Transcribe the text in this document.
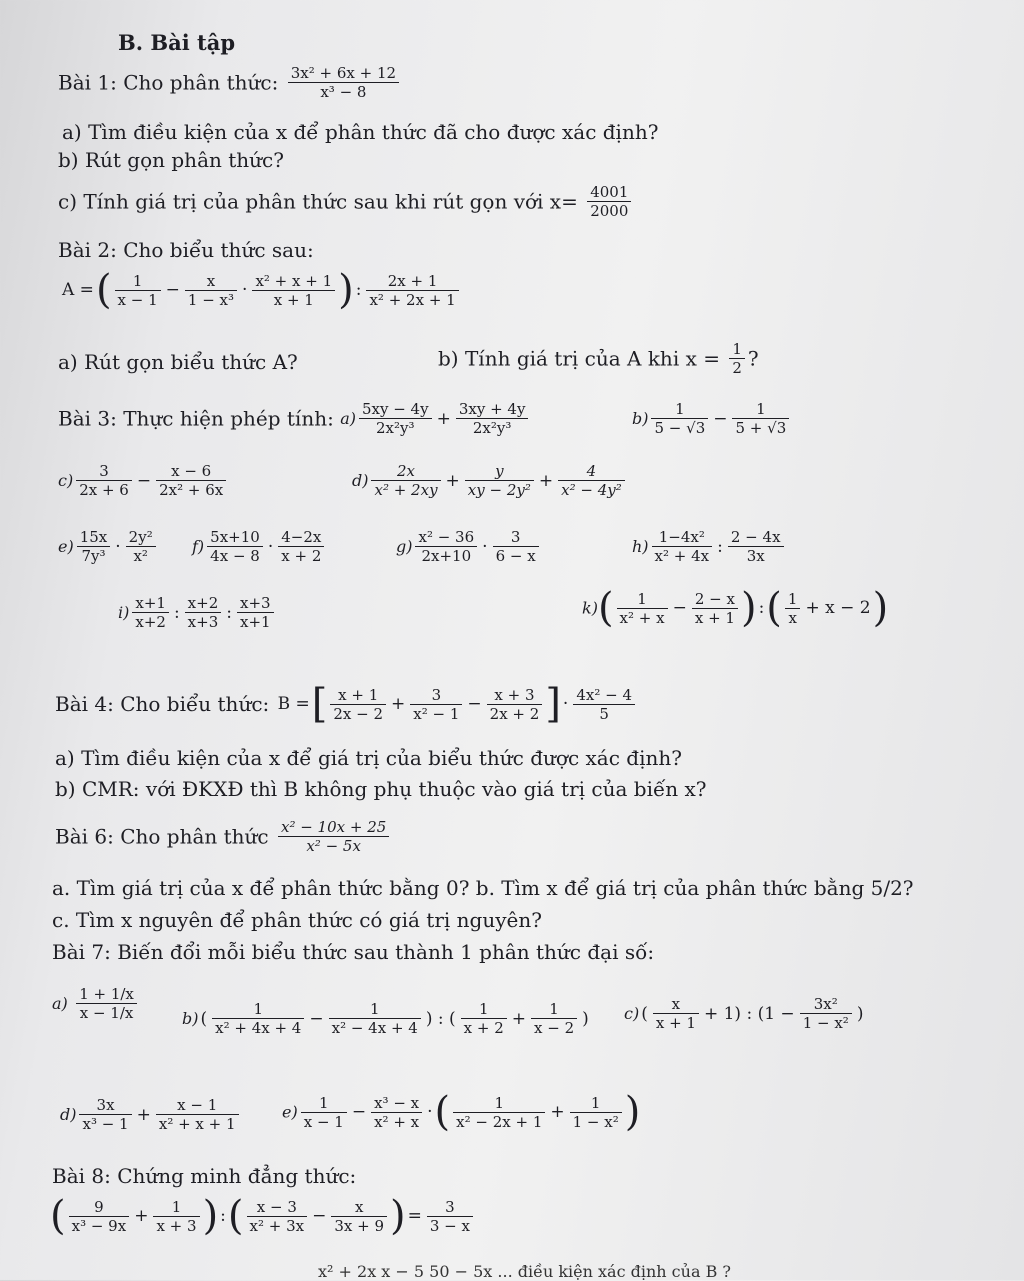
B. Bài tập
Bài 1: Cho phân thức: $\frac{\text{3x² + 6x + 12}}{\text{x³ − 8}}$
a) Tìm điều kiện của x để phân thức đã cho được xác định?
b) Rút gọn phân thức?
c) Tính giá trị của phân thức sau khi rút gọn với $x= \frac{4001}{2000}$
Bài 2: Cho biểu thức sau:
A =( $\frac{1}{x - 1} - \frac{x}{\text{1 − x³}} \cdot \frac{\text{x² + x + 1}}{x + 1}$ ) : $\frac{2x + 1}{\text{x² + 2x + 1}}$
a) Rút gọn biểu thức A?	b) Tính giá trị của A khi $x = \frac{1}{2}$ ?
Bài 3: Thực hiện phép tính: $a) \frac{5xy - 4y}{\text{2x²y³}} + \frac{3xy + 4y}{\text{2x²y³}}$	$b) \frac{1}{5 - √3} - \frac{1}{5 + √3}$
$c) \frac{3}{2x + 6} - \frac{x - 6}{\text{2x² + 6x}}$	$d) \frac{2x}{\text{x² + 2xy}} + \frac{y}{\text{xy − 2y²}} + \frac{4}{\text{x² − 4y²}}$
$e) \frac{15x}{\text{7y³}} \cdot \frac{\text{2y²}}{\text{x²}} f) \frac{5x+10}{4x - 8} \cdot \frac{4-2x}{x + 2}$	$g) \frac{\text{x² − 36}}{2x+10} \cdot \frac{3}{6 - x}$	$h) \frac{\text{1−4x²}}{\text{x² + 4x}}$ : $\frac{2 - 4x}{3x}$
$i) \frac{x+1}{x+2}$ : $\frac{x+2}{x+3}$ : $\frac{x+3}{x+1}$	$k)( \frac{1}{\text{x² + x}} - \frac{2 - x}{x + 1}$ ) :( $\frac{1}{x} + x - 2$)
Bài 4: Cho biểu thức: B =[ $\frac{x + 1}{2x - 2} + \frac{3}{\text{x² − 1}} - \frac{x + 3}{2x + 2}$ ] · $\frac{\text{4x² − 4}}{5}$
a) Tìm điều kiện của x để giá trị của biểu thức được xác định?
b) CMR: với ĐKXĐ thì B không phụ thuộc vào giá trị của biến x?
Bài 6: Cho phân thức $\frac{\text{x² − 10x + 25}}{\text{x² − 5x}}$
a. Tìm giá trị của x để phân thức bằng 0? b. Tìm x để giá trị của phân thức bằng 5/2?
c. Tìm x nguyên để phân thức có giá trị nguyên?
Bài 7: Biến đổi mỗi biểu thức sau thành 1 phân thức đại số:
$a) \frac{1 + 1/x}{x - 1/x}$	b) ( $\frac{1}{\text{x² + 4x + 4}} - \frac{1}{\text{x² − 4x + 4}}$ ) : ( $\frac{1}{x + 2} + \frac{1}{x - 2}$ ) c) ( $\frac{x}{x + 1} + 1$) : ($1 - \frac{\text{3x²}}{\text{1 − x²}}$ )
$d) \frac{3x}{\text{x³ − 1}} + \frac{x - 1}{\text{x² + x + 1}}$	$e) \frac{1}{x - 1} - \frac{\text{x³ − x}}{\text{x² + x}}$ ·( $\frac{1}{\text{x² − 2x + 1}} + \frac{1}{\text{1 − x²}}$ )
Bài 8: Chứng minh đẳng thức:
( $\frac{9}{\text{x³ − 9x}} + \frac{1}{x + 3}$ ) :( $\frac{x - 3}{\text{x² + 3x}} - \frac{x}{3x + 9}$ ) = $\frac{3}{3 - x}$
x² + 2x x − 5 50 − 5x ... điều kiện xác định của B ?
